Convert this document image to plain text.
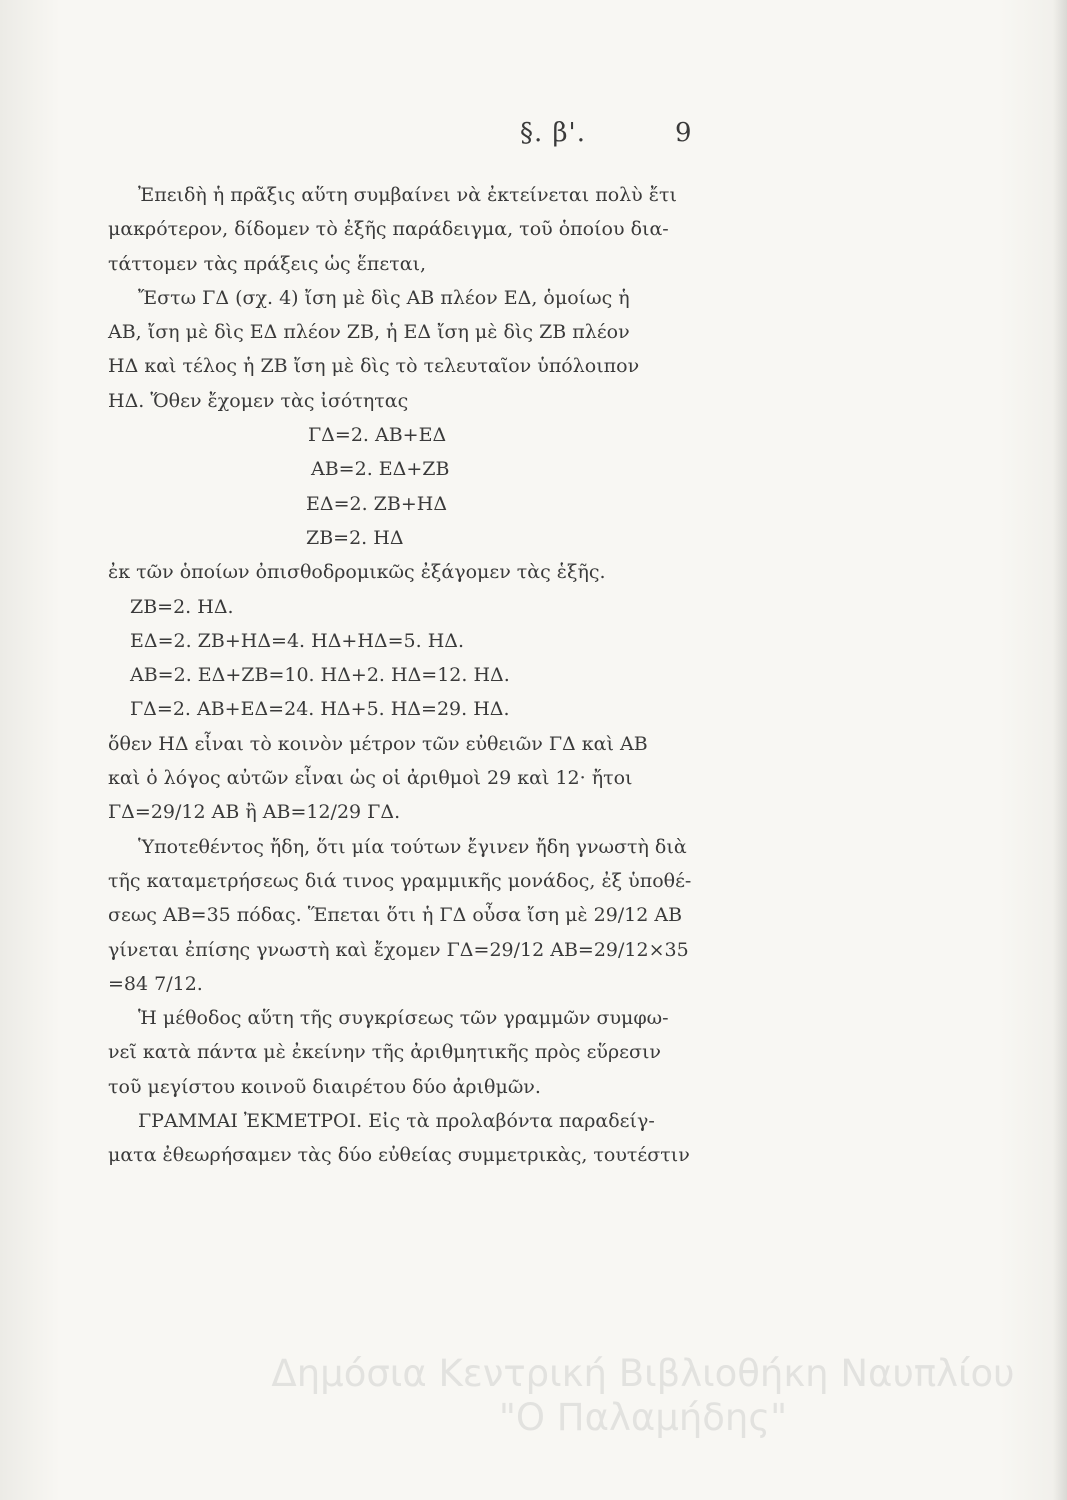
§. β'.	9
Ἐπειδὴ ἡ πρᾶξις αὕτη συμβαίνει νὰ ἐκτείνεται πολὺ ἔτι
μακρότερον, δίδομεν τὸ ἑξῆς παράδειγμα, τοῦ ὁποίου δια-
τάττομεν τὰς πράξεις ὡς ἕπεται,
Ἔστω ΓΔ (σχ. 4) ἴση μὲ δὶς ΑΒ πλέον ΕΔ, ὁμοίως ἡ
ΑΒ, ἴση μὲ δὶς ΕΔ πλέον ΖΒ, ἡ ΕΔ ἴση μὲ δὶς ΖΒ πλέον
ΗΔ καὶ τέλος ἡ ΖΒ ἴση μὲ δὶς τὸ τελευταῖον ὑπόλοιπον
ΗΔ. Ὅθεν ἔχομεν τὰς ἰσότητας
ΓΔ=2. ΑΒ+ΕΔ
ΑΒ=2. ΕΔ+ΖΒ
ΕΔ=2. ΖΒ+ΗΔ
ΖΒ=2. ΗΔ
ἐκ τῶν ὁποίων ὀπισθοδρομικῶς ἐξάγομεν τὰς ἑξῆς.
ΖΒ=2. ΗΔ.
ΕΔ=2. ΖΒ+ΗΔ=4. ΗΔ+ΗΔ=5. ΗΔ.
ΑΒ=2. ΕΔ+ΖΒ=10. ΗΔ+2. ΗΔ=12. ΗΔ.
ΓΔ=2. ΑΒ+ΕΔ=24. ΗΔ+5. ΗΔ=29. ΗΔ.
ὅθεν ΗΔ εἶναι τὸ κοινὸν μέτρον τῶν εὐθειῶν ΓΔ καὶ ΑΒ
καὶ ὁ λόγος αὐτῶν εἶναι ὡς οἱ ἀριθμοὶ 29 καὶ 12· ἤτοι
ΓΔ=29/12 ΑΒ ἢ ΑΒ=12/29 ΓΔ.
Ὑποτεθέντος ἤδη, ὅτι μία τούτων ἔγινεν ἤδη γνωστὴ διὰ
τῆς καταμετρήσεως διά τινος γραμμικῆς μονάδος, ἐξ ὑποθέ-
σεως ΑΒ=35 πόδας. Ἕπεται ὅτι ἡ ΓΔ οὖσα ἴση μὲ 29/12 ΑΒ
γίνεται ἐπίσης γνωστὴ καὶ ἔχομεν ΓΔ=29/12 ΑΒ=29/12×35
=84 7/12.
Ἡ μέθοδος αὕτη τῆς συγκρίσεως τῶν γραμμῶν συμφω-
νεῖ κατὰ πάντα μὲ ἐκείνην τῆς ἀριθμητικῆς πρὸς εὕρεσιν
τοῦ μεγίστου κοινοῦ διαιρέτου δύο ἀριθμῶν.
ΓΡΑΜΜΑΙ ἘΚΜΕΤΡΟΙ. Εἰς τὰ προλαβόντα παραδείγ-
ματα ἐθεωρήσαμεν τὰς δύο εὐθείας συμμετρικὰς, τουτέστιν
Δημόσια Κεντρική Βιβλιοθήκη Ναυπλίου
"Ο Παλαμήδης"
